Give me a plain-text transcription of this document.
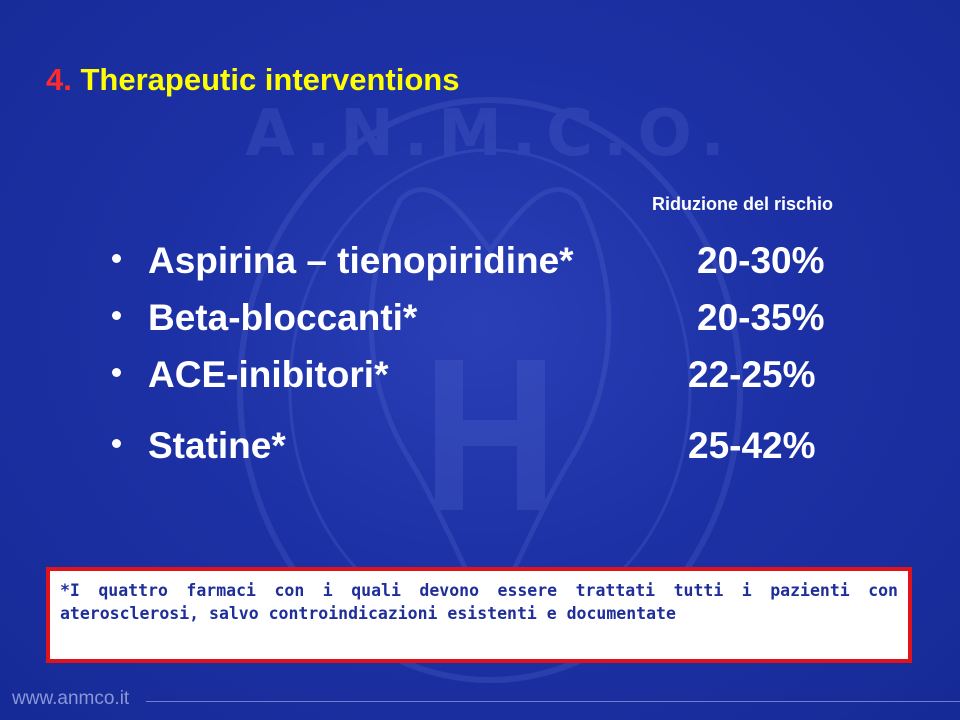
A.N.M.C.O.
4. Therapeutic interventions
Riduzione del rischio
Aspirina – tienopiridine*	20-30%
Beta-bloccanti*	20-35%
ACE-inibitori*	22-25%
Statine*	25-42%
*I quattro farmaci con i quali devono essere trattati tutti i pazienti con aterosclerosi, salvo controindicazioni esistenti e documentate
www.anmco.it
